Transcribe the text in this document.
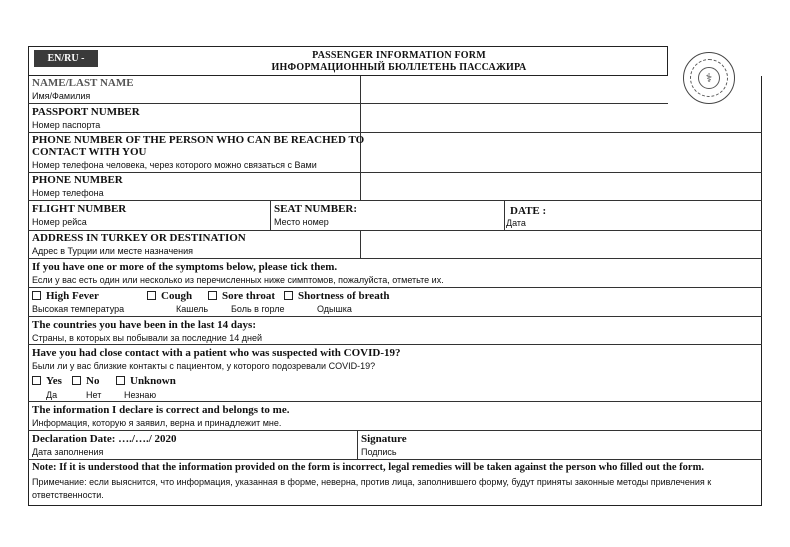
EN/RU -	PASSENGER INFORMATION FORM
ИНФОРМАЦИОННЫЙ БЮЛЛЕТЕНЬ ПАССАЖИРА
⚕
NAME/LAST NAME
Имя/Фамилия
PASSPORT NUMBER
Номер паспорта
PHONE NUMBER OF THE PERSON WHO CAN BE REACHED TO
CONTACT WITH YOU
Номер телефона человека, через которого можно связаться с Вами
PHONE NUMBER
Номер телефона
FLIGHT NUMBER
Номер рейса
SEAT NUMBER:
Место номер
DATE :
Дата
ADDRESS IN TURKEY OR DESTINATION
Адрес в Турции или месте назначения
If you have one or more of the symptoms below, please tick them.
Если у вас есть один или несколько из перечисленных ниже симптомов, пожалуйста, отметьте их.
High Fever	Cough	Sore throat	Shortness of breath
Высокая температура	Кашель	Боль в горле	Одышка
The countries you have been in the last 14 days:
Страны, в которых вы побывали за последние 14 дней
Have you had close contact with a patient who was suspected with COVID-19?
Были ли у вас близкие контакты с пациентом, у которого подозревали COVID-19?
Yes	No	Unknown
Да	Нет	Незнаю
The information I declare is correct and belongs to me.
Информация, которую я заявил, верна и принадлежит мне.
Declaration Date: …./…./ 2020
Дата заполнения
Signature
Подпись
Note: If it is understood that the information provided on the form is incorrect, legal remedies will be taken against the person who filled out the form.
Примечание: если выяснится, что информация, указанная в форме, неверна, против лица, заполнившего форму, будут приняты законные методы привлечения к
ответственности.
